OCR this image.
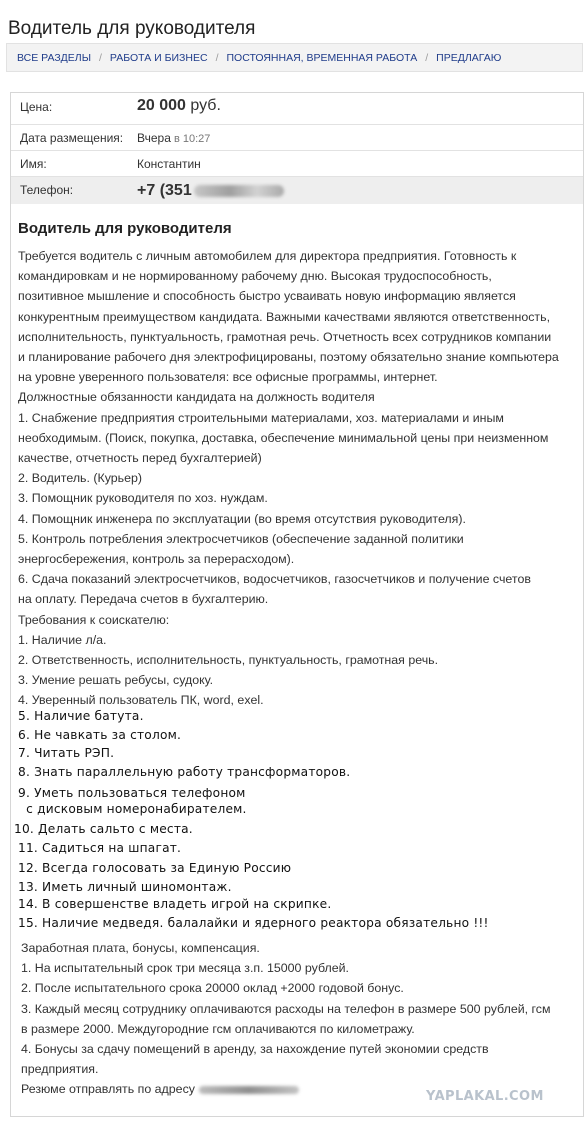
Водитель для руководителя
ВСЕ РАЗДЕЛЫ / РАБОТА И БИЗНЕС / ПОСТОЯННАЯ, ВРЕМЕННАЯ РАБОТА / ПРЕДЛАГАЮ
Цена:	20 000 руб.
Дата размещения: Вчера в 10:27
Имя:	Константин
Телефон:	+7 (351
Водитель для руководителя
Требуется водитель с личным автомобилем для директора предприятия. Готовность к
командировкам и не нормированному рабочему дню. Высокая трудоспособность,
позитивное мышление и способность быстро усваивать новую информацию является
конкурентным преимуществом кандидата. Важными качествами являются ответственность,
исполнительность, пунктуальность, грамотная речь. Отчетность всех сотрудников компании
и планирование рабочего дня электрофицированы, поэтому обязательно знание компьютера
на уровне уверенного пользователя: все офисные программы, интернет.
Должностные обязанности кандидата на должность водителя
1. Снабжение предприятия строительными материалами, хоз. материалами и иным
необходимым. (Поиск, покупка, доставка, обеспечение минимальной цены при неизменном
качестве, отчетность перед бухгалтерией)
2. Водитель. (Курьер)
3. Помощник руководителя по хоз. нуждам.
4. Помощник инженера по эксплуатации (во время отсутствия руководителя).
5. Контроль потребления электросчетчиков (обеспечение заданной политики
энергосбережения, контроль за перерасходом).
6. Сдача показаний электросчетчиков, водосчетчиков, газосчетчиков и получение счетов
на оплату. Передача счетов в бухгалтерию.
Требования к соискателю:
1. Наличие л/а.
2. Ответственность, исполнительность, пунктуальность, грамотная речь.
3. Умение решать ребусы, судоку.
4. Уверенный пользователь ПК, word, exel.
5. Наличие батута.
6. Не чавкать за столом.
7. Читать РЭП.
8. Знать параллельную работу трансформаторов.
9. Уметь пользоваться телефоном
с дисковым номеронабирателем.
10. Делать сальто с места.
11. Садиться на шпагат.
12. Всегда голосовать за Единую Россию
13. Иметь личный шиномонтаж.
14. В совершенстве владеть игрой на скрипке.
15. Наличие медведя. балалайки и ядерного реактора обязательно !!!
Заработная плата, бонусы, компенсация.
1. На испытательный срок три месяца з.п. 15000 рублей.
2. После испытательного срока 20000 оклад +2000 годовой бонус.
3. Каждый месяц сотруднику оплачиваются расходы на телефон в размере 500 рублей, гсм
в размере 2000. Междугородние гсм оплачиваются по километражу.
4. Бонусы за сдачу помещений в аренду, за нахождение путей экономии средств
предприятия.
Резюме отправлять по адресу	YAPLAKAL.COM
